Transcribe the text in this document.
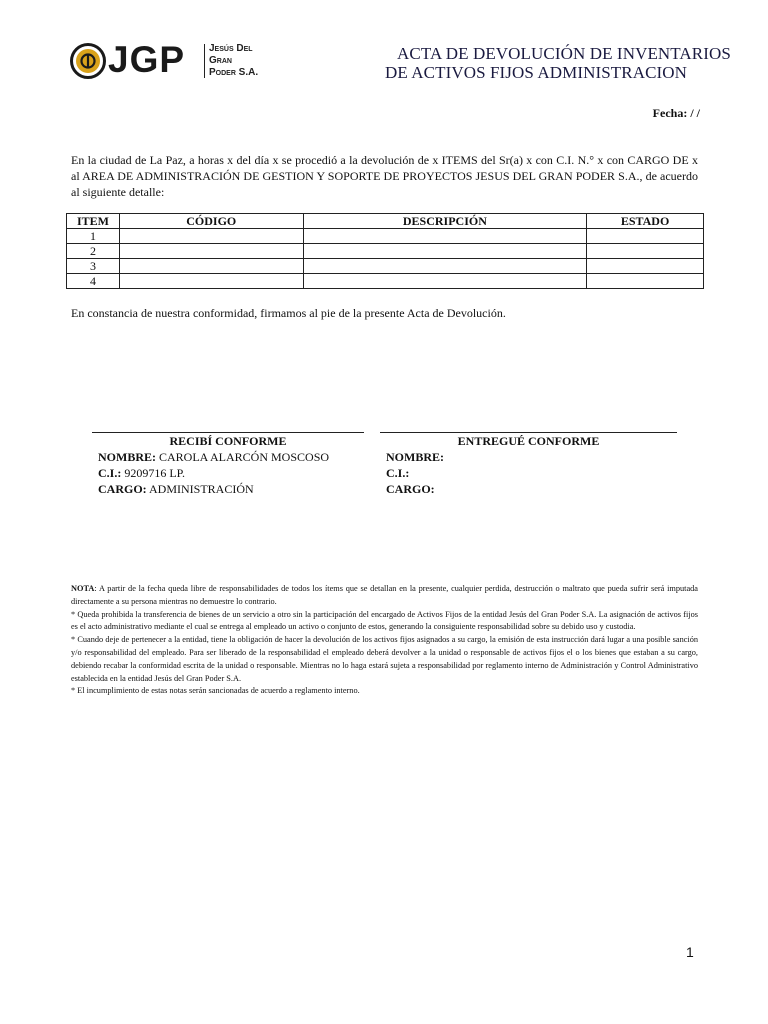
JGP Jesús Del
Gran
Poder S.A.
ACTA DE DEVOLUCIÓN DE INVENTARIOS
DE ACTIVOS FIJOS ADMINISTRACION
Fecha: / /
En la ciudad de La Paz, a horas x del día x se procedió a la devolución de x ITEMS del Sr(a) x con C.I. N.° x con CARGO DE x al AREA DE ADMINISTRACIÓN DE GESTION Y SOPORTE DE PROYECTOS JESUS DEL GRAN PODER S.A., de acuerdo al siguiente detalle:
ITEM	CÓDIGO	DESCRIPCIÓN	ESTADO
1			
2			
3			
4			
En constancia de nuestra conformidad, firmamos al pie de la presente Acta de Devolución.
RECIBÍ CONFORME
NOMBRE: CAROLA ALARCÓN MOSCOSO
C.I.: 9209716 LP.
CARGO: ADMINISTRACIÓN
ENTREGUÉ CONFORME
NOMBRE:
C.I.:
CARGO:

NOTA: A partir de la fecha queda libre de responsabilidades de todos los ítems que se detallan en la presente, cualquier perdida, destrucción o maltrato que pueda sufrir será imputada directamente a su persona mientras no demuestre lo contrario.

* Queda prohibida la transferencia de bienes de un servicio a otro sin la participación del encargado de Activos Fijos de la entidad Jesús del Gran Poder S.A. La asignación de activos fijos es el acto administrativo mediante el cual se entrega al empleado un activo o conjunto de estos, generando la consiguiente responsabilidad sobre su debido uso y custodia.

* Cuando deje de pertenecer a la entidad, tiene la obligación de hacer la devolución de los activos fijos asignados a su cargo, la emisión de esta instrucción dará lugar a una posible sanción y/o responsabilidad del empleado. Para ser liberado de la responsabilidad el empleado deberá devolver a la unidad o responsable de activos fijos el o los bienes que estaban a su cargo, debiendo recabar la conformidad escrita de la unidad o responsable. Mientras no lo haga estará sujeta a responsabilidad por reglamento interno de Administración y Control Administrativo establecida en la entidad Jesús del Gran Poder S.A.

* El incumplimiento de estas notas serán sancionadas de acuerdo a reglamento interno.

1
